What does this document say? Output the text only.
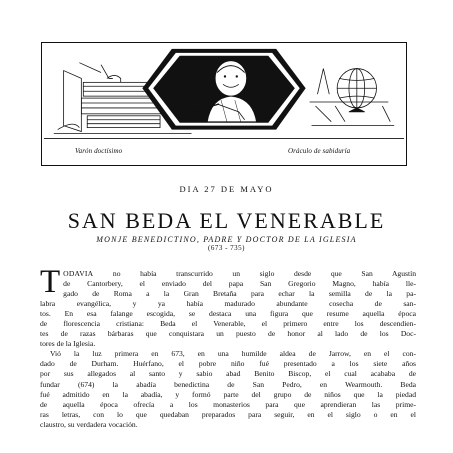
Varón doctísimo	Oráculo de sabiduría
DIA 27 DE MAYO
SAN BEDA EL VENERABLE
MONJE BENEDICTINO, PADRE Y DOCTOR DE LA IGLESIA
(673 - 735)
T ODAVIA no había transcurrido un siglo desde que San Agustín
de Cantorbery, el enviado del papa San Gregorio Magno, había lle-
gado de Roma a la Gran Bretaña para echar la semilla de la pa-
labra evangélica, y ya había madurado abundante cosecha de san-
tos. En esa falange escogida, se destaca una figura que resume aquella época
de florescencia cristiana: Beda el Venerable, el primero entre los descendien-
tes de razas bárbaras que conquistara un puesto de honor al lado de los Doc-
tores de la Iglesia.
Vió la luz primera en 673, en una humilde aldea de Jarrow, en el con-
dado de Durham. Huérfano, el pobre niño fué presentado a los siete años
por sus allegados al santo y sabio abad Benito Biscop, el cual acababa de
fundar (674) la abadía benedictina de San Pedro, en Wearmouth. Beda
fué admitido en la abadía, y formó parte del grupo de niños que la piedad
de aquella época ofrecía a los monasterios para que aprendieran las prime-
ras letras, con lo que quedaban preparados para seguir, en el siglo o en el
claustro, su verdadera vocación.
